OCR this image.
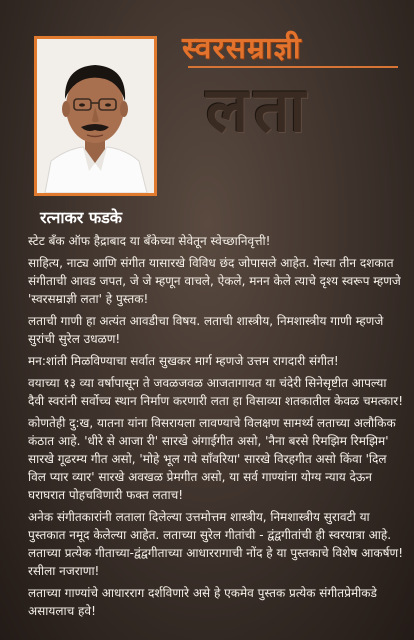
स्वरसम्राज्ञी
लता
रत्नाकर फडके

स्टेट बँक ऑफ हैद्राबाद या बँकेच्या सेवेतून स्वेच्छानिवृत्ती!

साहित्य, नाट्य आणि संगीत यासारखे विविध छंद जोपासले आहेत. गेल्या तीन दशकात संगीताची आवड जपत, जे जे म्हणून वाचले, ऐकले, मनन केले त्याचे दृश्य स्वरूप म्हणजे 'स्वरसम्राज्ञी लता' हे पुस्तक!

लताची गाणी हा अत्यंत आवडीचा विषय. लताची शास्त्रीय, निमशास्त्रीय गाणी म्हणजे सुरांची सुरेल उधळण!

मन:शांती मिळविण्याचा सर्वात सुखकर मार्ग म्हणजे उत्तम रागदारी संगीत!

वयाच्या १३ व्या वर्षापासून ते जवळजवळ आजतागायत या चंदेरी सिनेसृष्टीत आपल्या दैवी स्वरांनी सर्वोच्च स्थान निर्माण करणारी लता हा विसाव्या शतकातील केवळ चमत्कार!

कोणतेही दु:ख, यातना यांना विसरायला लावण्याचे विलक्षण सामर्थ्य लताच्या अलौकिक कंठात आहे. 'धीरे से आजा री' सारखे अंगाईगीत असो, 'नैना बरसे रिमझिम रिमझिम' सारखे गूढरम्य गीत असो, 'मोहे भूल गये साँवरिया' सारखे विरहगीत असो किंवा 'दिल विल प्यार व्यार' सारखे अवखळ प्रेमगीत असो, या सर्व गाण्यांना योग्य न्याय देऊन घराघरात पोहचविणारी फक्त लताच!

अनेक संगीतकारांनी लताला दिलेल्या उत्तमोत्तम शास्त्रीय, निमशास्त्रीय सुरावटी या पुस्तकात नमूद केलेल्या आहेत. लताच्या सुरेल गीतांची - द्वंद्वगीतांची ही स्वरयात्रा आहे. लताच्या प्रत्येक गीताच्या-द्वंद्वगीताच्या आधाररागाची नोंद हे या पुस्तकाचे विशेष आकर्षण! रसीला नजराणा!

लताच्या गाण्यांचे आधारराग दर्शविणारे असे हे एकमेव पुस्तक प्रत्येक संगीतप्रेमीकडे असायलाच हवे!
